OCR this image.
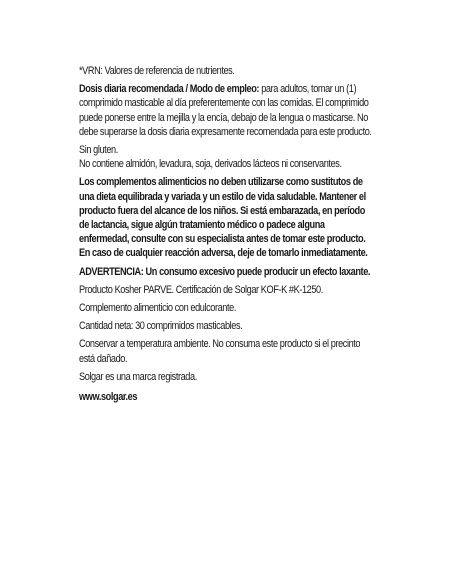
*VRN: Valores de referencia de nutrientes.
Dosis diaria recomendada / Modo de empleo: para adultos, tomar un (1) comprimido masticable al día preferentemente con las comidas. El comprimido puede ponerse entre la mejilla y la encía, debajo de la lengua o masticarse. No debe superarse la dosis diaria expresamente recomendada para este producto.
Sin gluten.
No contiene almidón, levadura, soja, derivados lácteos ni conservantes.
Los complementos alimenticios no deben utilizarse como sustitutos de una dieta equilibrada y variada y un estilo de vida saludable. Mantener el producto fuera del alcance de los niños. Si está embarazada, en período de lactancia, sigue algún tratamiento médico o padece alguna enfermedad, consulte con su especialista antes de tomar este producto. En caso de cualquier reacción adversa, deje de tomarlo inmediatamente.
ADVERTENCIA: Un consumo excesivo puede producir un efecto laxante.
Producto Kosher PARVE. Certificación de Solgar KOF-K #K-1250.
Complemento alimenticio con edulcorante.
Cantidad neta: 30 comprimidos masticables.
Conservar a temperatura ambiente. No consuma este producto si el precinto está dañado.
Solgar es una marca registrada.
www.solgar.es
